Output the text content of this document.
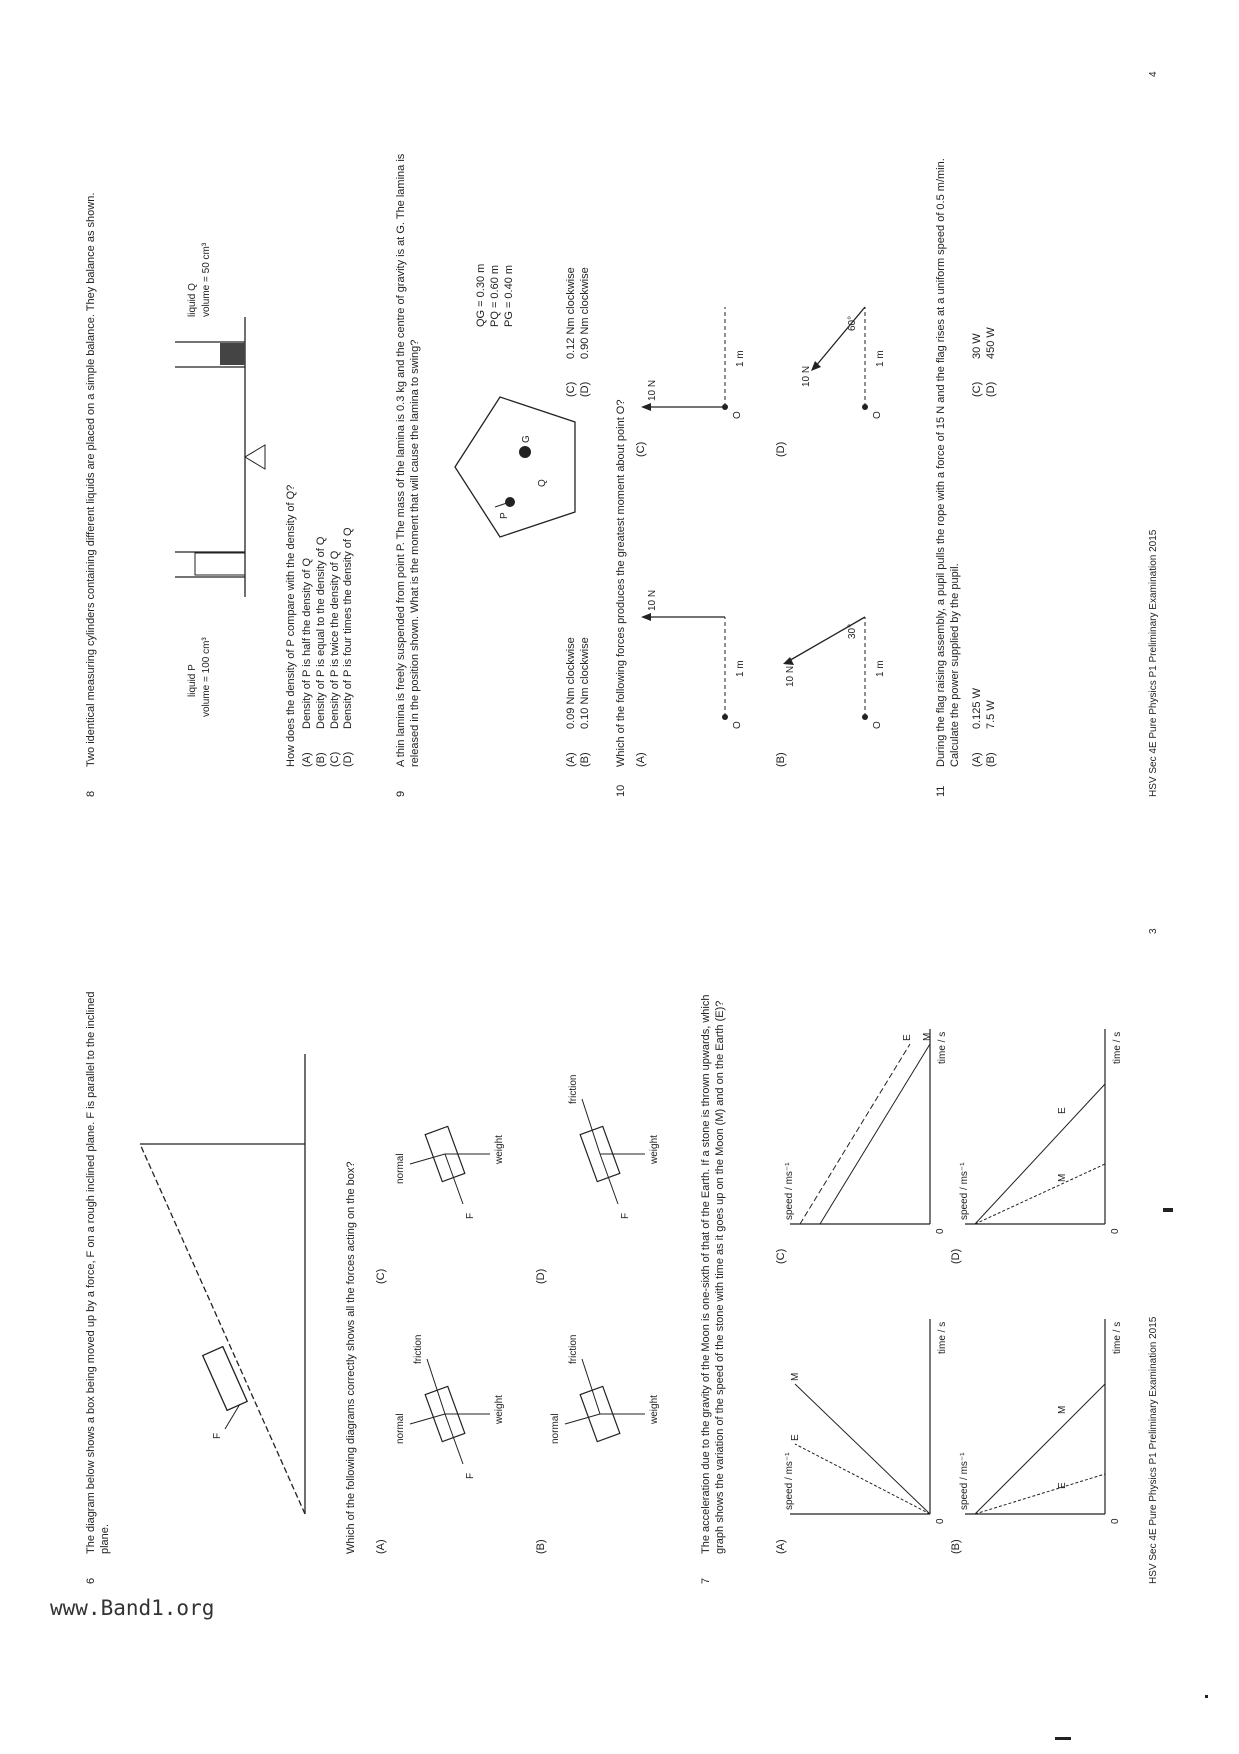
6
The diagram below shows a box being moved up by a force, F on a rough inclined plane. F is parallel to the inclined plane.
F	Which of the following diagrams correctly shows all the forces acting on the box? (A)
normal
weight
F
friction
(C)
normal
weight
F
(B)
normal
weight
friction
(D)
weight
F
friction
7
The acceleration due to the gravity of the Moon is one-sixth of that of the Earth. If a stone is thrown upwards, which graph shows the variation of the speed of the stone with time as it goes up on the Moon (M) and on the Earth (E)?	(A)
speed / ms⁻¹
time / s
0
M
E
(C)
speed / ms⁻¹
time / s
0
M
E
(B)
speed / ms⁻¹
time / s
0
M
E
(D)
speed / ms⁻¹
time / s
0
E
M
HSV Sec 4E Pure Physics P1 Preliminary Examination 2015
3
8
Two identical measuring cylinders containing different liquids are placed on a simple balance. They balance as shown.	liquid P volume = 100 cm³
liquid Q volume = 50 cm³
How does the density of P compare with the density of Q? (A)Density of P is half the density of Q
(B)Density of P is equal to the density of Q
(C)Density of P is twice the density of Q
(D)Density of P is four times the density of Q
9
A thin lamina is freely suspended from point P. The mass of the lamina is 0.3 kg and the centre of gravity is at G. The lamina is released in the position shown. What is the moment that will cause the lamina to swing?	P
Q
G
QG = 0.30 m PQ = 0.60 m PG = 0.40 m
(A)0.09 Nm clockwise
(B)0.10 Nm clockwise
(C)0.12 Nm clockwise
(D)0.90 Nm clockwise
10
Which of the following forces produces the greatest moment about point O? (A)
O
10 N
1 m
(C)
O
10 N
1 m
(B)
O
10 N
30°
1 m
(D)
O
10 N
60°
1 m
11
During the flag raising assembly, a pupil pulls the rope with a force of 15 N and the flag rises at a uniform speed of 0.5 m/min. Calculate the power supplied by the pupil. (A)0.125 W
(B)7.5 W
(C)30 W
(D)450 W
HSV Sec 4E Pure Physics P1 Preliminary Examination 2015
4
www.Band1.org
